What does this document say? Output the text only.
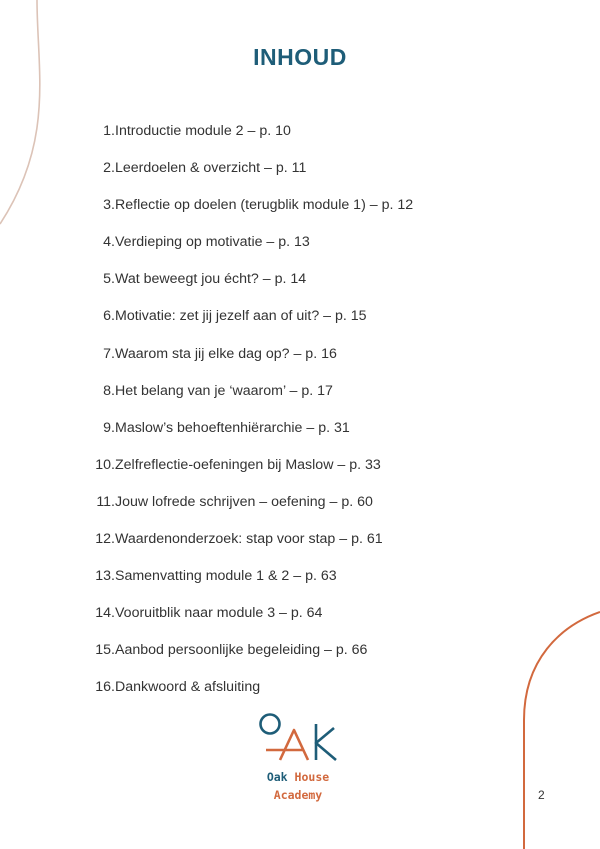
INHOUD
1. Introductie module 2 – p. 10
2. Leerdoelen & overzicht – p. 11
3. Reflectie op doelen (terugblik module 1) – p. 12
4. Verdieping op motivatie – p. 13
5. Wat beweegt jou écht? – p. 14
6. Motivatie: zet jij jezelf aan of uit? – p. 15
7. Waarom sta jij elke dag op? – p. 16
8. Het belang van je ‘waarom’ – p. 17
9. Maslow’s behoeftenhiërarchie – p. 31
10. Zelfreflectie-oefeningen bij Maslow – p. 33
11. Jouw lofrede schrijven – oefening – p. 60
12. Waardenonderzoek: stap voor stap – p. 61
13. Samenvatting module 1 & 2 – p. 63
14. Vooruitblik naar module 3 – p. 64
15. Aanbod persoonlijke begeleiding – p. 66
16. Dankwoord & afsluiting
Oak House
Academy	2
